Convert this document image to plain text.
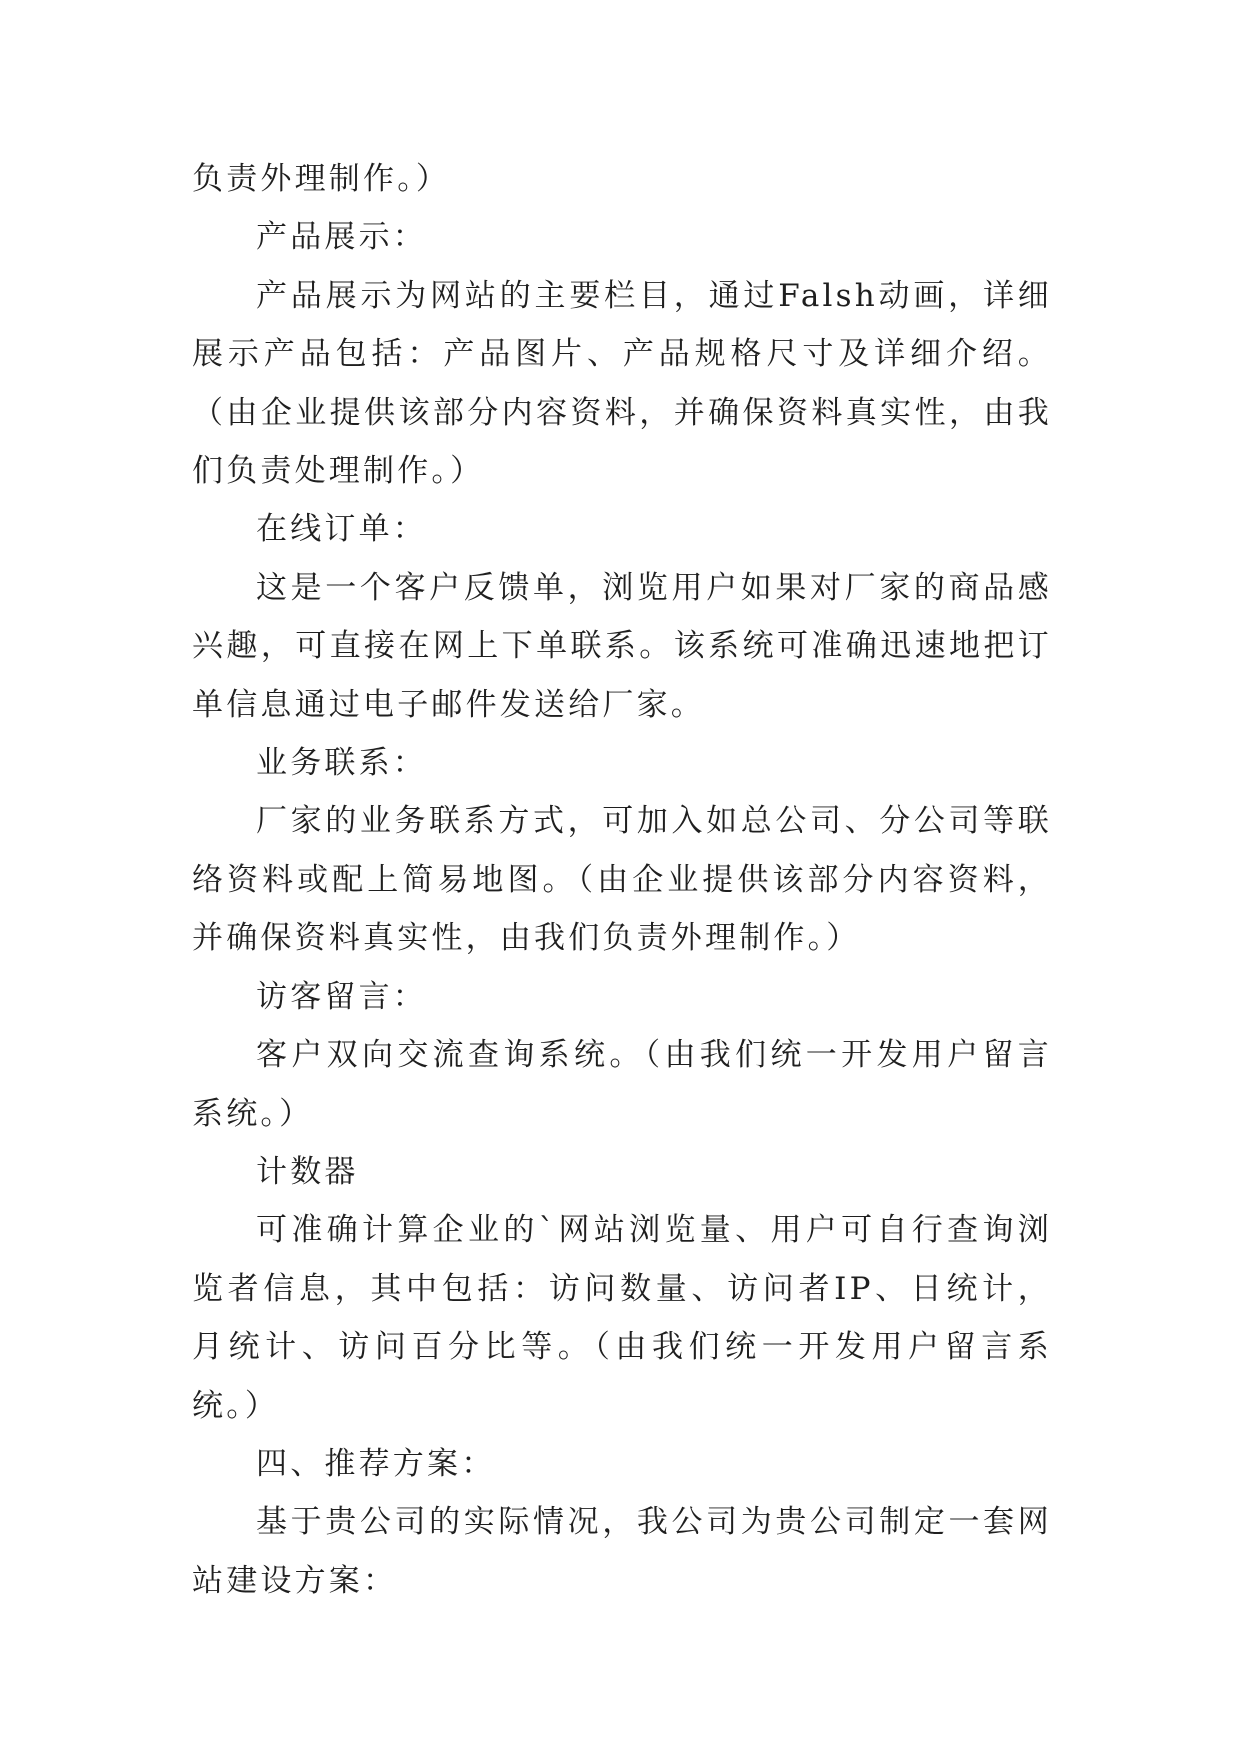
负责外理制作。）

产品展示：

产品展示为网站的主要栏目，通过Falsh动画，详细展示产品包括：产品图片、产品规格尺寸及详细介绍。（由企业提供该部分内容资料，并确保资料真实性，由我们负责处理制作。）

在线订单：

这是一个客户反馈单，浏览用户如果对厂家的商品感兴趣，可直接在网上下单联系。该系统可准确迅速地把订单信息通过电子邮件发送给厂家。

业务联系：

厂家的业务联系方式，可加入如总公司、分公司等联络资料或配上简易地图。（由企业提供该部分内容资料，并确保资料真实性，由我们负责外理制作。）

访客留言：

客户双向交流查询系统。（由我们统一开发用户留言系统。）

计数器

可准确计算企业的`网站浏览量、用户可自行查询浏览者信息，其中包括：访问数量、访问者IP、日统计，月统计、访问百分比等。（由我们统一开发用户留言系统。）

四、推荐方案：

基于贵公司的实际情况，我公司为贵公司制定一套网站建设方案：
